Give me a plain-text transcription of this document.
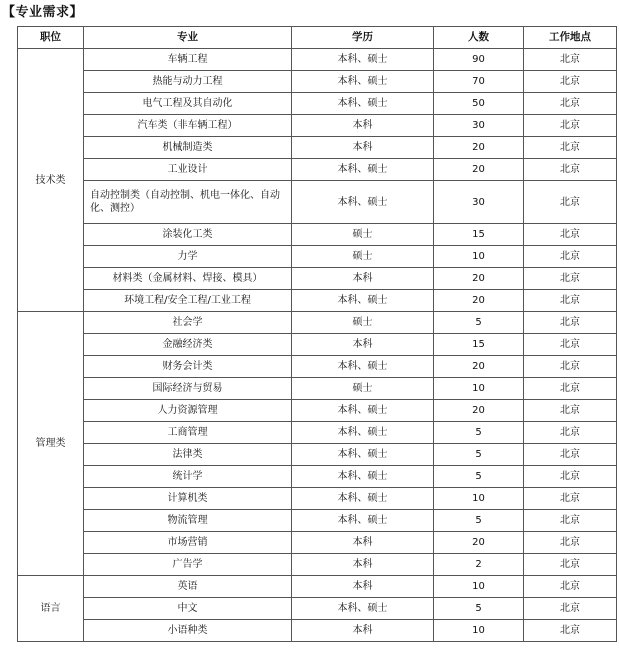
【专业需求】
职位	专业	学历	人数	工作地点
技术类	车辆工程	本科、硕士	90	北京
	热能与动力工程	本科、硕士	70	北京
	电气工程及其自动化	本科、硕士	50	北京
	汽车类（非车辆工程）	本科	30	北京
	机械制造类	本科	20	北京
	工业设计	本科、硕士	20	北京
	自动控制类（自动控制、机电一体化、自动化、测控）	本科、硕士	30	北京
	涂装化工类	硕士	15	北京
	力学	硕士	10	北京
	材料类（金属材料、焊接、模具）	本科	20	北京
	环境工程/安全工程/工业工程	本科、硕士	20	北京
管理类	社会学	硕士	5	北京
	金融经济类	本科	15	北京
	财务会计类	本科、硕士	20	北京
	国际经济与贸易	硕士	10	北京
	人力资源管理	本科、硕士	20	北京
	工商管理	本科、硕士	5	北京
	法律类	本科、硕士	5	北京
	统计学	本科、硕士	5	北京
	计算机类	本科、硕士	10	北京
	物流管理	本科、硕士	5	北京
	市场营销	本科	20	北京
	广告学	本科	2	北京
语言	英语	本科	10	北京
	中文	本科、硕士	5	北京
	小语种类	本科	10	北京
